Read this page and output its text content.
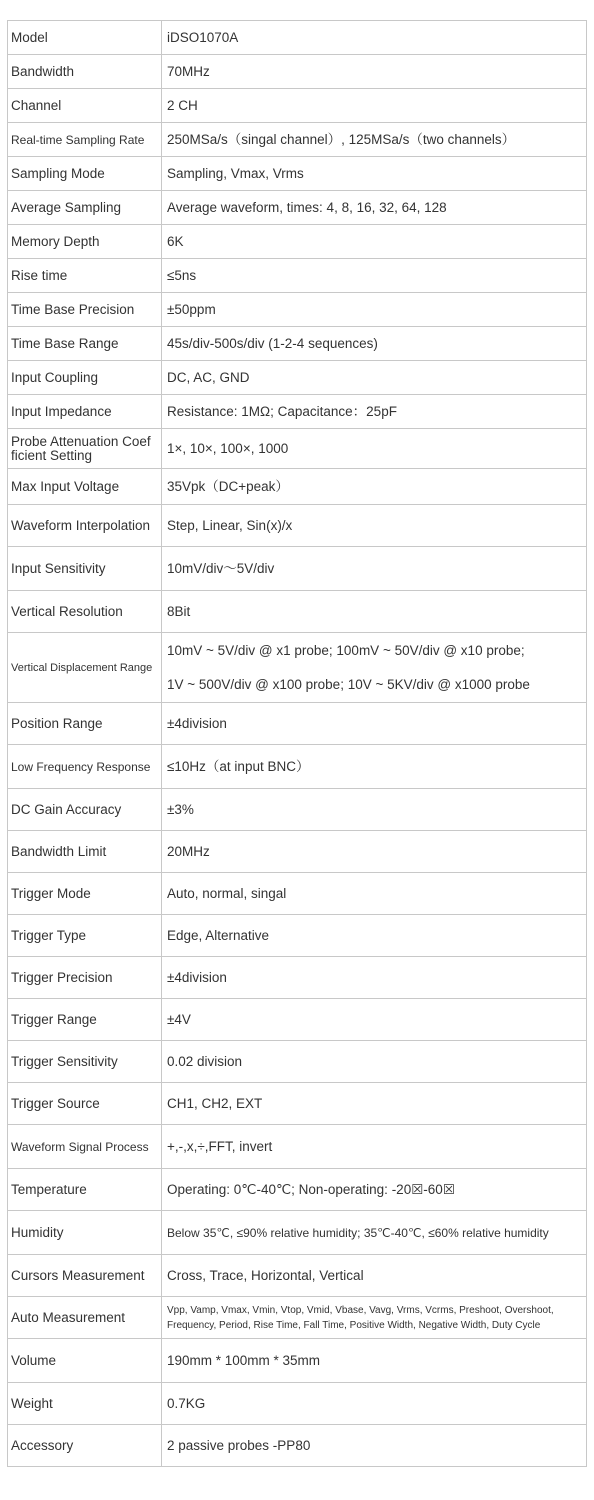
Model	iDSO1070A
Bandwidth	70MHz
Channel	2 CH
Real-time Sampling Rate	250MSa/s（singal channel）, 125MSa/s（two channels）
Sampling Mode	Sampling, Vmax, Vrms
Average Sampling	Average waveform, times: 4, 8, 16, 32, 64, 128
Memory Depth	6K
Rise time	≤5ns
Time Base Precision	±50ppm
Time Base Range	45s/div-500s/div (1-2-4 sequences)
Input Coupling	DC, AC, GND
Input Impedance	Resistance: 1MΩ; Capacitance：25pF
Probe Attenuation Coef ficient Setting	1×, 10×, 100×, 1000
Max Input Voltage	35Vpk（DC+peak）
Waveform Interpolation	Step, Linear, Sin(x)/x
Input Sensitivity	10mV/div～5V/div
Vertical Resolution	8Bit
Vertical Displacement Range	10mV ~ 5V/div @ x1 probe; 100mV ~ 50V/div @ x10 probe;
1V ~ 500V/div @ x100 probe; 10V ~ 5KV/div @ x1000 probe

Position Range	±4division
Low Frequency Response	≤10Hz（at input BNC）
DC Gain Accuracy	±3%
Bandwidth Limit	20MHz
Trigger Mode	Auto, normal, singal
Trigger Type	Edge, Alternative
Trigger Precision	±4division
Trigger Range	±4V
Trigger Sensitivity	0.02 division
Trigger Source	CH1, CH2, EXT
Waveform Signal Process	+,-,x,÷,FFT, invert
Temperature	Operating: 0℃-40℃; Non-operating: -20☒-60☒
Humidity	Below 35℃, ≤90% relative humidity; 35℃-40℃, ≤60% relative humidity
Cursors Measurement	Cross, Trace, Horizontal, Vertical
Auto Measurement	Vpp, Vamp, Vmax, Vmin, Vtop, Vmid, Vbase, Vavg, Vrms, Vcrms, Preshoot, Overshoot, Frequency, Period, Rise Time, Fall Time, Positive Width, Negative Width, Duty Cycle
Volume	190mm * 100mm * 35mm
Weight	0.7KG
Accessory	2 passive probes -PP80
